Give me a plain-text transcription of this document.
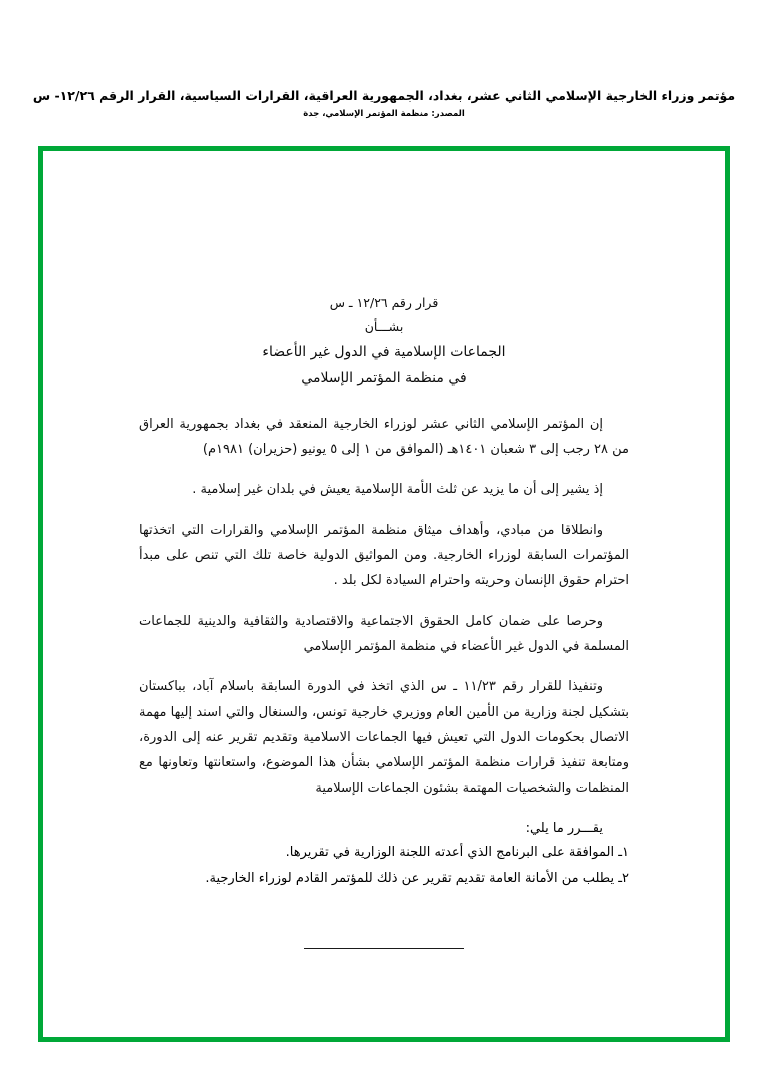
مؤتمر وزراء الخارجية الإسلامي الثاني عشر، بغداد، الجمهورية العراقية، القرارات السياسية، القرار الرقم ١٢/٢٦- س
المصدر: منظمة المؤتمر الإسلامي، جدة
قرار رقم ١٢/٢٦ ـ س
بشـــأن
الجماعات الإسلامية في الدول غير الأعضاء
في منظمة المؤتمر الإسلامي

إن المؤتمر الإسلامي الثاني عشر لوزراء الخارجية المنعقد في بغداد بجمهورية العراق من ٢٨ رجب إلى ٣ شعبان ١٤٠١هـ (الموافق من ١ إلى ٥ يونيو (حزيران) ١٩٨١م)

إذ يشير إلى أن ما يزيد عن ثلث الأمة الإسلامية يعيش في بلدان غير إسلامية .

وانطلاقا من مبادي، وأهداف ميثاق منظمة المؤتمر الإسلامي والقرارات التي اتخذتها المؤتمرات السابقة لوزراء الخارجية. ومن المواثيق الدولية خاصة تلك التي تنص على مبدأ احترام حقوق الإنسان وحريته واحترام السيادة لكل بلد .

وحرصا على ضمان كامل الحقوق الاجتماعية والاقتصادية والثقافية والدينية للجماعات المسلمة في الدول غير الأعضاء في منظمة المؤتمر الإسلامي

وتنفيذا للقرار رقم ١١/٢٣ ـ س الذي اتخذ في الدورة السابقة باسلام آباد، بباكستان بتشكيل لجنة وزارية من الأمين العام ووزيري خارجية تونس، والسنغال والتي اسند إليها مهمة الاتصال بحكومات الدول التي تعيش فيها الجماعات الاسلامية وتقديم تقرير عنه إلى الدورة، ومتابعة تنفيذ قرارات منظمة المؤتمر الإسلامي بشأن هذا الموضوع، واستعانتها وتعاونها مع المنظمات والشخصيات المهتمة بشئون الجماعات الإسلامية

يقـــرر ما يلي:
١ـ الموافقة على البرنامج الذي أعدته اللجنة الوزارية في تقريرها.
٢ـ يطلب من الأمانة العامة تقديم تقرير عن ذلك للمؤتمر القادم لوزراء الخارجية.
